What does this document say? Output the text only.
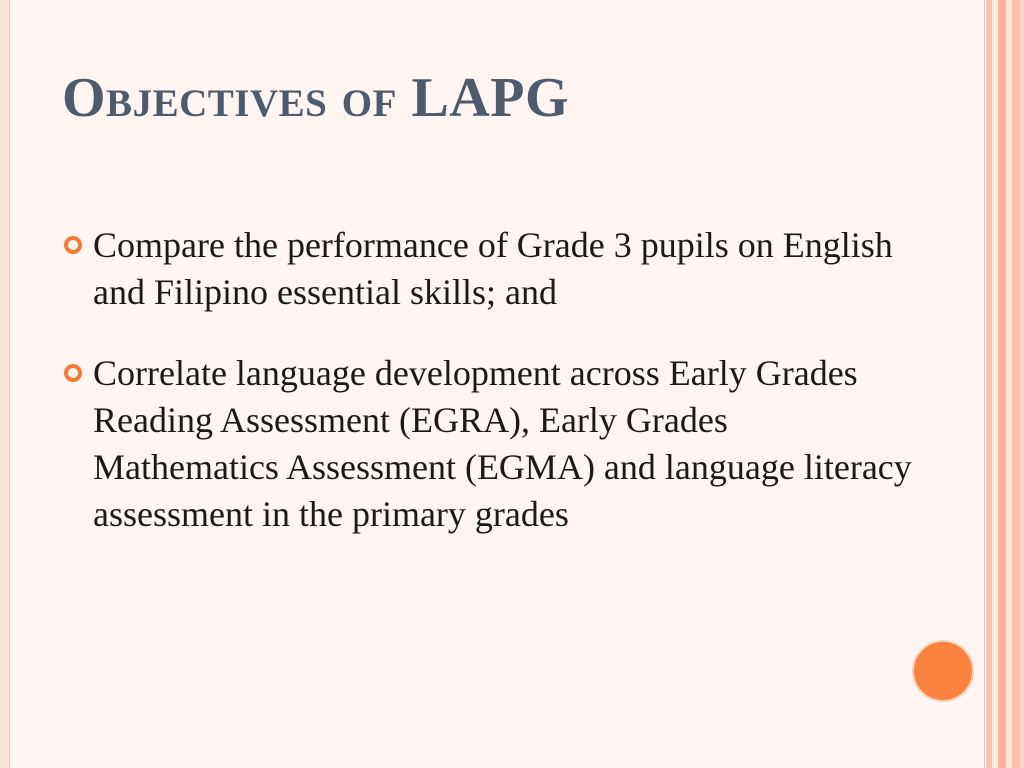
Objectives of LAPG
Compare the performance of Grade 3 pupils on English and Filipino essential skills; and
Correlate language development across Early Grades Reading Assessment (EGRA), Early Grades Mathematics Assessment (EGMA) and language literacy assessment in the primary grades
